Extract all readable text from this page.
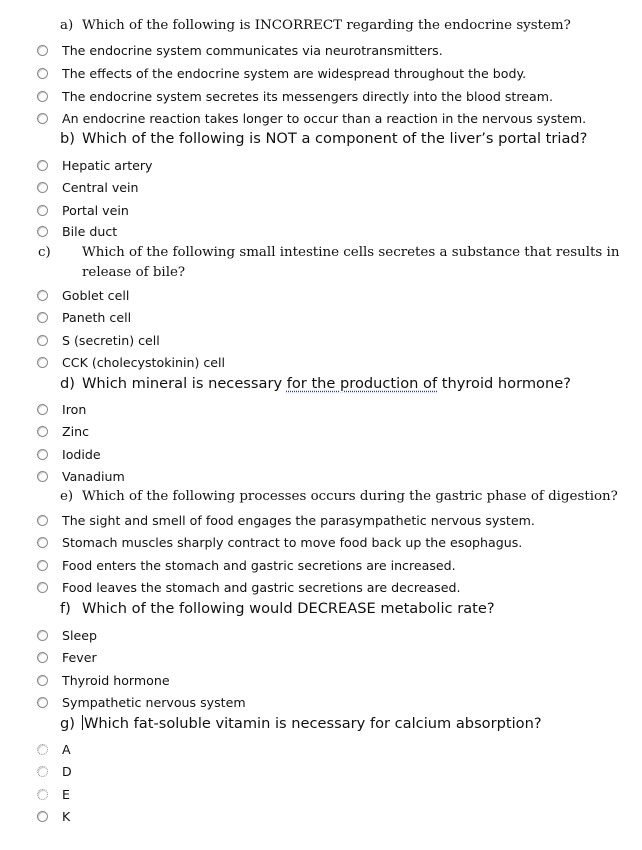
a) Which of the following is INCORRECT regarding the endocrine system?

The endocrine system communicates via neurotransmitters.
The effects of the endocrine system are widespread throughout the body.
The endocrine system secretes its messengers directly into the blood stream.
An endocrine reaction takes longer to occur than a reaction in the nervous system.

b) Which of the following is NOT a component of the liver’s portal triad?

Hepatic artery
Central vein
Portal vein
Bile duct

c) Which of the following small intestine cells secretes a substance that results in release of bile?

Goblet cell
Paneth cell
S (secretin) cell
CCK (cholecystokinin) cell

d) Which mineral is necessary for the production of thyroid hormone?

Iron
Zinc
Iodide
Vanadium

e) Which of the following processes occurs during the gastric phase of digestion?

The sight and smell of food engages the parasympathetic nervous system.
Stomach muscles sharply contract to move food back up the esophagus.
Food enters the stomach and gastric secretions are increased.
Food leaves the stomach and gastric secretions are decreased.

f) Which of the following would DECREASE metabolic rate?

Sleep
Fever
Thyroid hormone
Sympathetic nervous system

g) Which fat-soluble vitamin is necessary for calcium absorption?

A
D
E
K
